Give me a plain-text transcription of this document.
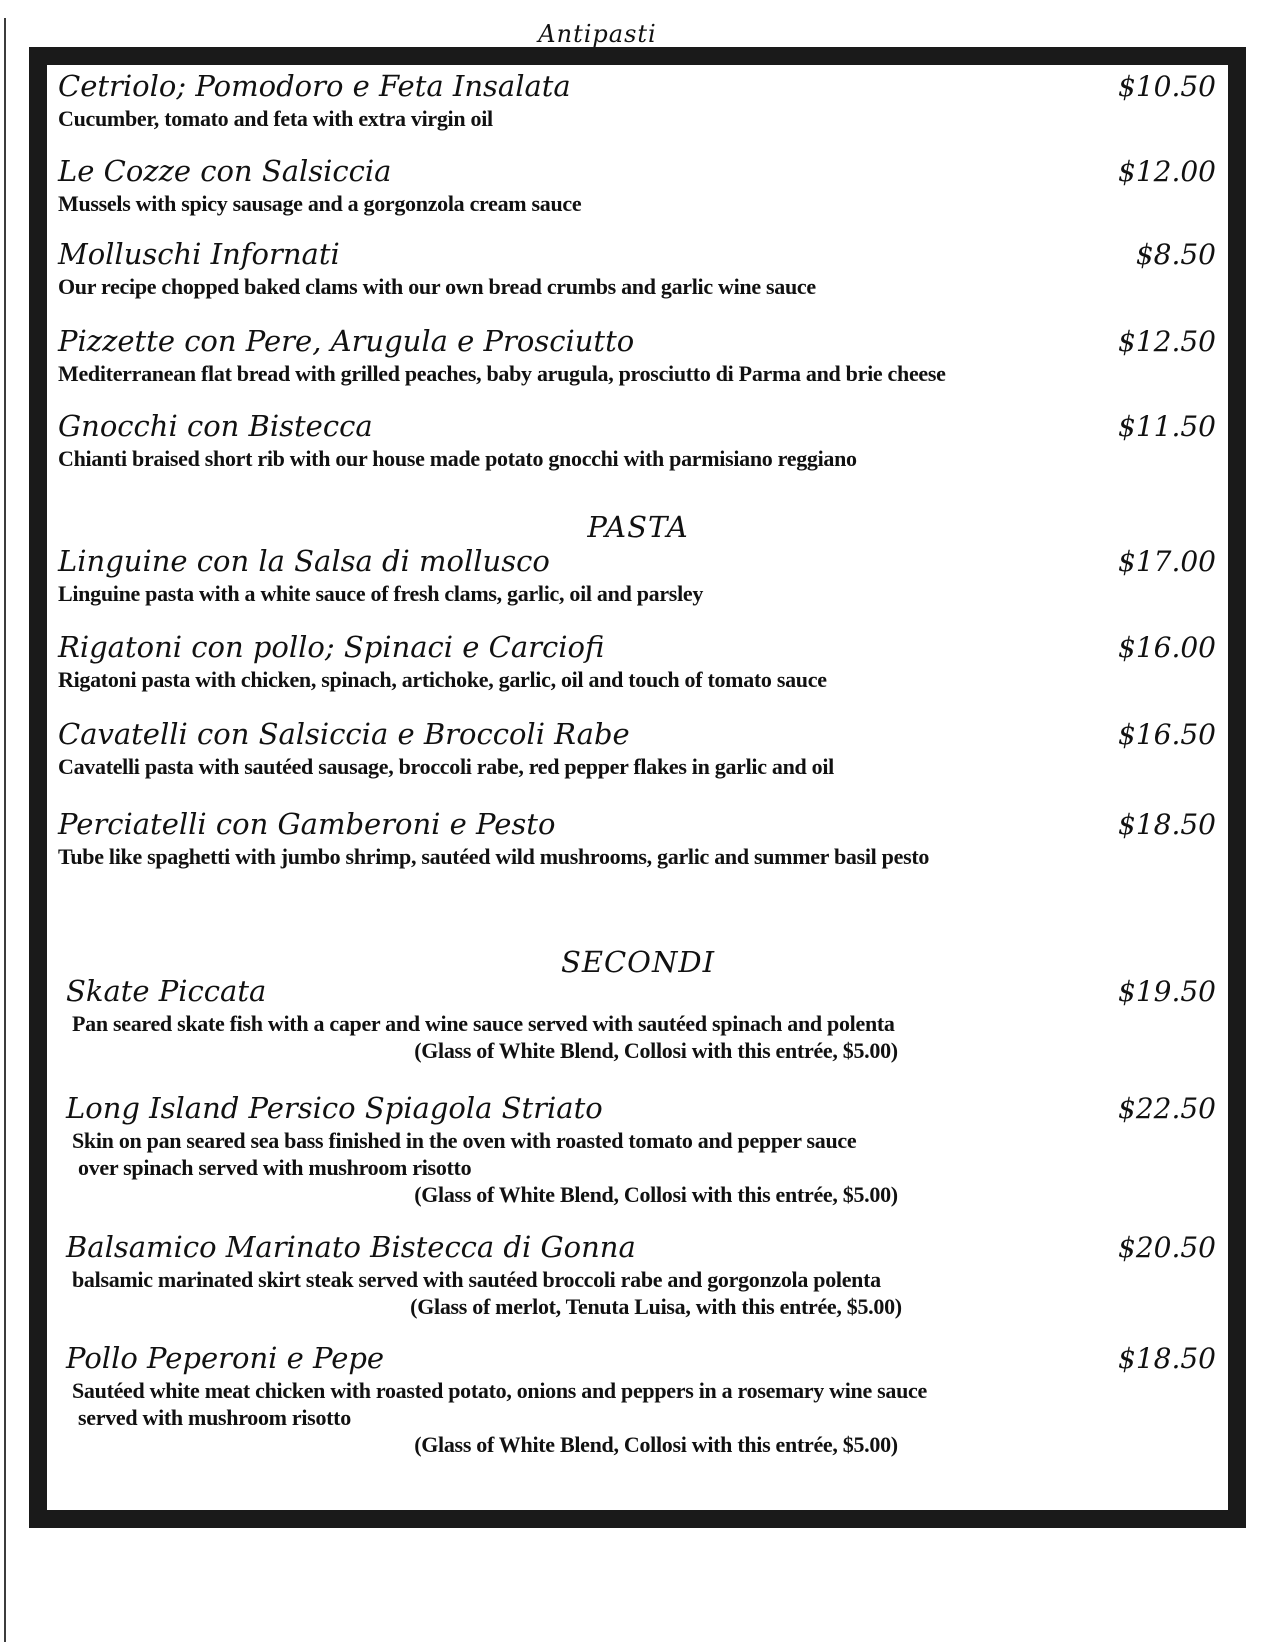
Antipasti
Cetriolo; Pomodoro e Feta Insalata	$10.50
Cucumber, tomato and feta with extra virgin oil
Le Cozze con Salsiccia	$12.00
Mussels with spicy sausage and a gorgonzola cream sauce
Molluschi Infornati	$8.50
Our recipe chopped baked clams with our own bread crumbs and garlic wine sauce
Pizzette con Pere, Arugula e Prosciutto	$12.50
Mediterranean flat bread with grilled peaches, baby arugula, prosciutto di Parma and brie cheese
Gnocchi con Bistecca	$11.50
Chianti braised short rib with our house made potato gnocchi with parmisiano reggiano
PASTA
Linguine con la Salsa di mollusco	$17.00
Linguine pasta with a white sauce of fresh clams, garlic, oil and parsley
Rigatoni con pollo; Spinaci e Carciofi	$16.00
Rigatoni pasta with chicken, spinach, artichoke, garlic, oil and touch of tomato sauce
Cavatelli con Salsiccia e Broccoli Rabe	$16.50
Cavatelli pasta with sautéed sausage, broccoli rabe, red pepper flakes in garlic and oil
Perciatelli con Gamberoni e Pesto	$18.50
Tube like spaghetti with jumbo shrimp, sautéed wild mushrooms, garlic and summer basil pesto
SECONDI
Skate Piccata	$19.50
Pan seared skate fish with a caper and wine sauce served with sautéed spinach and polenta
(Glass of White Blend, Collosi with this entrée, $5.00)
Long Island Persico Spiagola Striato	$22.50
Skin on pan seared sea bass finished in the oven with roasted tomato and pepper sauce
over spinach served with mushroom risotto
(Glass of White Blend, Collosi with this entrée, $5.00)
Balsamico Marinato Bistecca di Gonna	$20.50
balsamic marinated skirt steak served with sautéed broccoli rabe and gorgonzola polenta
(Glass of merlot, Tenuta Luisa, with this entrée, $5.00)
Pollo Peperoni e Pepe	$18.50
Sautéed white meat chicken with roasted potato, onions and peppers in a rosemary wine sauce
served with mushroom risotto
(Glass of White Blend, Collosi with this entrée, $5.00)
